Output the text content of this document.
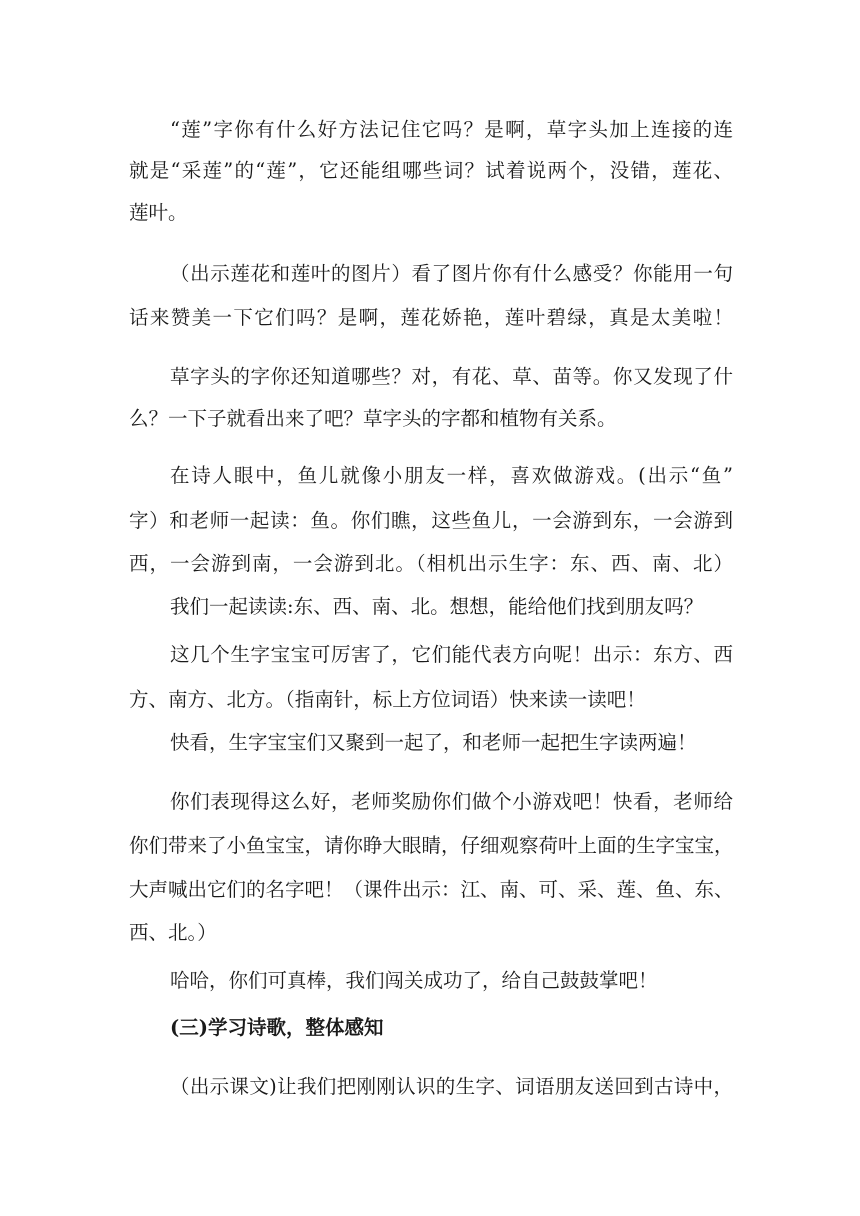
“莲”字你有什么好方法记住它吗？是啊，草字头加上连接的连
就是“采莲”的“莲”，它还能组哪些词？试着说两个，没错，莲花、
莲叶。
（出示莲花和莲叶的图片）看了图片你有什么感受？你能用一句
话来赞美一下它们吗？是啊，莲花娇艳，莲叶碧绿，真是太美啦！
草字头的字你还知道哪些？对，有花、草、苗等。你又发现了什
么？一下子就看出来了吧？草字头的字都和植物有关系。
在诗人眼中，鱼儿就像小朋友一样，喜欢做游戏。(出示“鱼”
字）和老师一起读：鱼。你们瞧，这些鱼儿，一会游到东，一会游到
西，一会游到南，一会游到北。（相机出示生字：东、西、南、北）
我们一起读读:东、西、南、北。想想，能给他们找到朋友吗？
这几个生字宝宝可厉害了，它们能代表方向呢！出示：东方、西
方、南方、北方。（指南针，标上方位词语）快来读一读吧！
快看，生字宝宝们又聚到一起了，和老师一起把生字读两遍！
你们表现得这么好，老师奖励你们做个小游戏吧！快看，老师给
你们带来了小鱼宝宝，请你睁大眼睛，仔细观察荷叶上面的生字宝宝，
大声喊出它们的名字吧！（课件出示：江、南、可、采、莲、鱼、东、
西、北。）
哈哈，你们可真棒，我们闯关成功了，给自己鼓鼓掌吧！
(三)学习诗歌，整体感知
（出示课文)让我们把刚刚认识的生字、词语朋友送回到古诗中，
